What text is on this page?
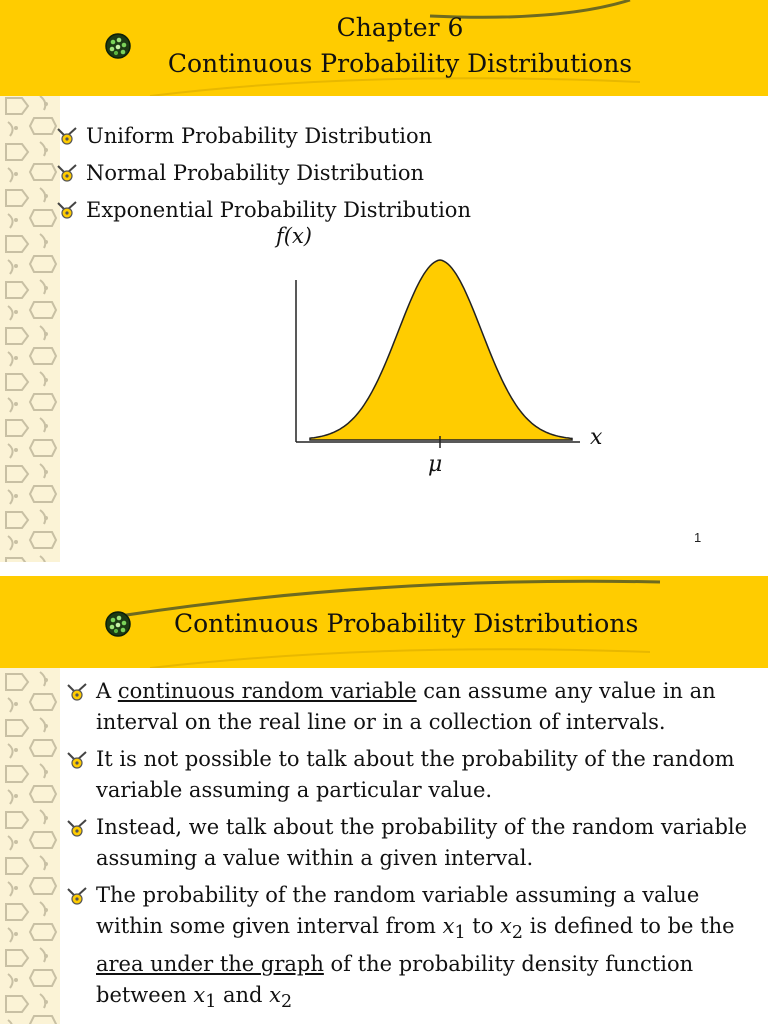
Chapter 6
Continuous Probability Distributions
Uniform Probability Distribution
Normal Probability Distribution
Exponential Probability Distribution
f(x)
x
μ
1
Continuous Probability Distributions
A continuous random variable can assume any value in an interval on the real line or in a collection of intervals.
It is not possible to talk about the probability of the random variable assuming a particular value.
Instead, we talk about the probability of the random variable assuming a value within a given interval.
The probability of the random variable assuming a value within some given interval from $x_1$ to $x_2$ is defined to be the area under the graph of the probability density function between $x_1$ and $x_2$
